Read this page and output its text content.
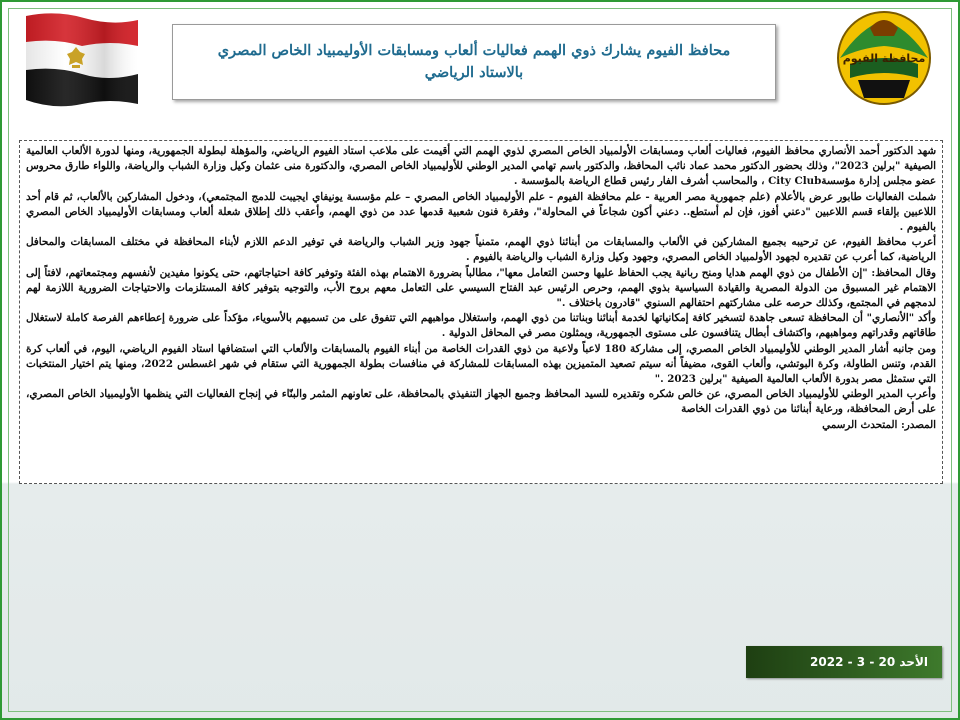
محافظة الفيوم

محافظ الفيوم يشارك ذوي الهمم فعاليات ألعاب ومسابقات الأوليمبياد الخاص المصري بالاستاد الرياضي

شهد الدكتور أحمد الأنصاري محافظ الفيوم، فعاليات ألعاب ومسابقات الأولمبياد الخاص المصري لذوي الهمم التي أقيمت على ملاعب استاد الفيوم الرياضي، والمؤهلة لبطولة الجمهورية، ومنها لدورة الألعاب العالمية الصيفية "برلين 2023"، وذلك بحضور الدكتور محمد عماد نائب المحافظ، والدكتور باسم تهامي المدير الوطني للأوليمبياد الخاص المصري، والدكتورة منى عثمان وكيل وزارة الشباب والرياضة، واللواء طارق محروس عضو مجلس إدارة مؤسسةCity Club ، والمحاسب أشرف الفار رئيس قطاع الرياضة بالمؤسسة .

شملت الفعاليات طابور عرض بالأعلام (علم جمهورية مصر العربية - علم محافظة الفيوم - علم الأوليمبياد الخاص المصري – علم مؤسسة يونيفاي ايجيبت للدمج المجتمعي)، ودخول المشاركين بالألعاب، ثم قام أحد اللاعبين بإلقاء قسم اللاعبين "دعني أفوز، فإن لم أستطع.. دعني أكون شجاعاً في المحاولة"، وفقرة فنون شعبية قدمها عدد من ذوي الهمم، وأعقب ذلك إطلاق شعلة ألعاب ومسابقات الأوليمبياد الخاص المصري بالفيوم .

أعرب محافظ الفيوم، عن ترحيبه بجميع المشاركين في الألعاب والمسابقات من أبنائنا ذوي الهمم، متمنياً جهود وزير الشباب والرياضة في توفير الدعم اللازم لأبناء المحافظة في مختلف المسابقات والمحافل الرياضية، كما أعرب عن تقديره لجهود الأولمبياد الخاص المصري، وجهود وكيل وزارة الشباب والرياضة بالفيوم .

وقال المحافظ: "إن الأطفال من ذوي الهمم هدايا ومنح ربانية يجب الحفاظ عليها وحسن التعامل معها"، مطالباً بضرورة الاهتمام بهذه الفئة وتوفير كافة احتياجاتهم، حتى يكونوا مفيدين لأنفسهم ومجتمعاتهم، لافتاً إلى الاهتمام غير المسبوق من الدولة المصرية والقيادة السياسية بذوي الهمم، وحرص الرئيس عبد الفتاح السيسي على التعامل معهم بروح الأب، والتوجيه بتوفير كافة المستلزمات والاحتياجات الضرورية اللازمة لهم لدمجهم في المجتمع، وكذلك حرصه على مشاركتهم احتفالهم السنوي "قادرون باختلاف ."

وأكد "الأنصاري" أن المحافظة تسعى جاهدة لتسخير كافة إمكانياتها لخدمة أبنائنا وبناتنا من ذوي الهمم، واستغلال مواهبهم التي تتفوق على من تسميهم بالأسوياء، مؤكداً على ضرورة إعطاءهم الفرصة كاملة لاستغلال طاقاتهم وقدراتهم ومواهبهم، واكتشاف أبطال يتنافسون على مستوى الجمهورية، ويمثلون مصر في المحافل الدولية .

ومن جانبه أشار المدير الوطني للأوليمبياد الخاص المصري، إلى مشاركة 180 لاعباً ولاعبة من ذوي القدرات الخاصة من أبناء الفيوم بالمسابقات والألعاب التي استضافها استاد الفيوم الرياضي، اليوم، في ألعاب كرة القدم، وتنس الطاولة، وكرة البوتشي، وألعاب القوى، مضيفاً أنه سيتم تصعيد المتميزين بهذه المسابقات للمشاركة في منافسات بطولة الجمهورية التي ستقام في شهر اغسطس 2022، ومنها يتم اختيار المنتخبات التي ستمثل مصر بدورة الألعاب العالمية الصيفية "برلين 2023 ."

وأعرب المدير الوطني للأوليمبياد الخاص المصري، عن خالص شكره وتقديره للسيد المحافظ وجميع الجهاز التنفيذي بالمحافظة، على تعاونهم المثمر والبنّاء في إنجاح الفعاليات التي ينظمها الأوليمبياد الخاص المصري، على أرض المحافظة، ورعاية أبنائنا من ذوي القدرات الخاصة

المصدر: المتحدث الرسمي

الأحد 20 - 3 - 2022
